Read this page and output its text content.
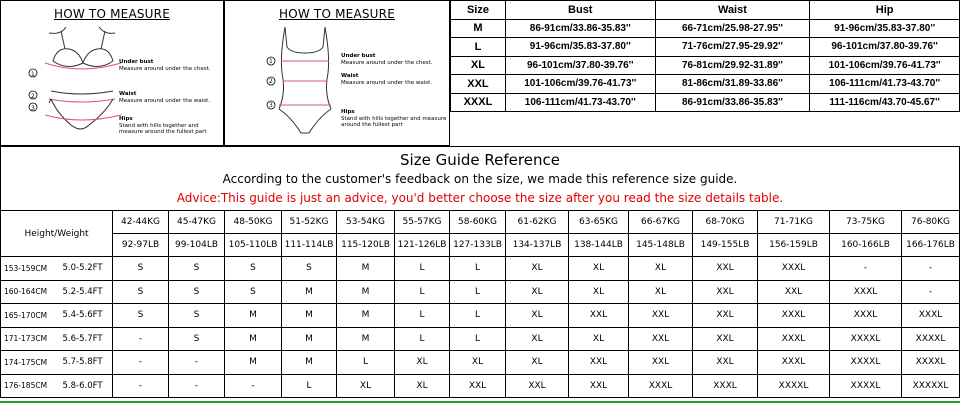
HOW TO MEASURE
1
2
3
Under bust
Measure around under the chest.
Waist
Measure around under the waist.
Hips
Stand with hills together and measure around the fullest part
HOW TO MEASURE
1
2
3
Under bust
Measure around under the chest.
Waist
Measure around under the waist.
Hips
Stand with hills together and measure around the fullest part
Size	Bust	Waist	Hip
M	86-91cm/33.86-35.83''	66-71cm/25.98-27.95''	91-96cm/35.83-37.80''
L	91-96cm/35.83-37.80''	71-76cm/27.95-29.92''	96-101cm/37.80-39.76''
XL	96-101cm/37.80-39.76''	76-81cm/29.92-31.89''	101-106cm/39.76-41.73''
XXL	101-106cm/39.76-41.73''	81-86cm/31.89-33.86''	106-111cm/41.73-43.70''
XXXL	106-111cm/41.73-43.70''	86-91cm/33.86-35.83''	111-116cm/43.70-45.67''
Size Guide Reference
According to the customer's feedback on the size, we made this reference size guide.
Advice:This guide is just an advice, you'd better choose the size after you read the size details table.
Height/Weight		42-44KG	45-47KG	48-50KG	51-52KG	53-54KG	55-57KG	58-60KG	61-62KG	63-65KG	66-67KG	68-70KG	71-71KG	73-75KG	76-80KG
		92-97LB	99-104LB	105-110LB	111-114LB	115-120LB	121-126LB	127-133LB	134-137LB	138-144LB	145-148LB	149-155LB	156-159LB	160-166LB	166-176LB
153-159CM	5.0-5.2FT	S	S	S	S	M	L	L	XL	XL	XL	XXL	XXXL	-	-
160-164CM	5.2-5.4FT	S	S	S	M	M	L	L	XL	XL	XL	XXL	XXL	XXXL	-
165-170CM	5.4-5.6FT	S	S	M	M	M	L	L	XL	XXL	XXL	XXL	XXXL	XXXL	XXXL
171-173CM	5.6-5.7FT	-	S	M	M	M	L	L	XL	XL	XXL	XXL	XXXL	XXXXL	XXXXL
174-175CM	5.7-5.8FT	-	-	M	M	L	XL	XL	XL	XXL	XXL	XXL	XXXL	XXXXL	XXXXL
176-185CM	5.8-6.0FT	-	-	-	L	XL	XL	XXL	XXL	XXL	XXXL	XXXL	XXXXL	XXXXL	XXXXXL
